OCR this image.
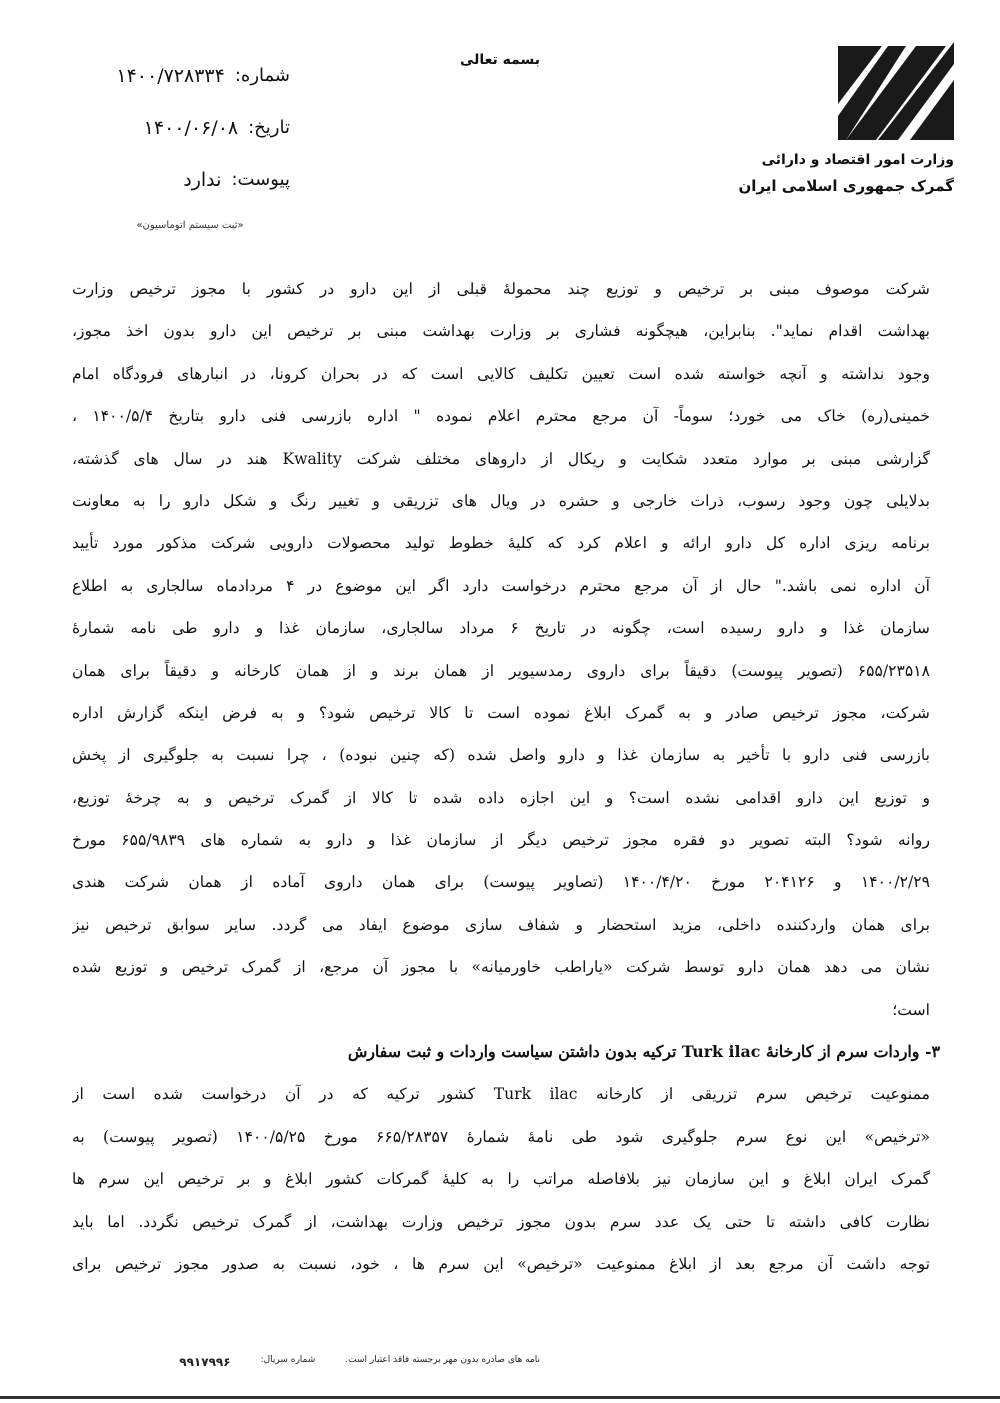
وزارت امور اقتصاد و دارائی
گمرک جمهوری اسلامی ایران
بسمه تعالی
شماره:
۱۴۰۰/۷۲۸۳۳۴
تاریخ:
۱۴۰۰/۰۶/۰۸
پیوست:
ندارد
«ثبت سیستم اتوماسیون»
شرکت موصوف مبنی بر ترخیص و توزیع چند محمولهٔ قبلی از این دارو در کشور با مجوز ترخیص وزارت
بهداشت اقدام نماید". بنابراین، هیچگونه فشاری بر وزارت بهداشت مبنی بر ترخیص این دارو بدون اخذ مجوز،
وجود نداشته و آنچه خواسته شده است تعیین تکلیف کالایی است که در بحران کرونا، در انبارهای فرودگاه امام
خمینی(ره) خاک می خورد؛ سوماً- آن مرجع محترم اعلام نموده " اداره بازرسی فنی دارو بتاریخ ۱۴۰۰/۵/۴ ،
گزارشی مبنی بر موارد متعدد شکایت و ریکال از داروهای مختلف شرکت Kwality هند در سال های گذشته،
بدلایلی چون وجود رسوب، ذرات خارجی و حشره در ویال های تزریقی و تغییر رنگ و شکل دارو را به معاونت
برنامه ریزی اداره کل دارو ارائه و اعلام کرد که کلیهٔ خطوط تولید محصولات دارویی شرکت مذکور مورد تأیید
آن اداره نمی باشد." حال از آن مرجع محترم درخواست دارد اگر این موضوع در ۴ مردادماه سالجاری به اطلاع
سازمان غذا و دارو رسیده است، چگونه در تاریخ ۶ مرداد سالجاری، سازمان غذا و دارو طی نامه شمارهٔ
۶۵۵/۲۳۵۱۸ (تصویر پیوست) دقیقاً برای داروی رمدسیویر از همان برند و از همان کارخانه و دقیقاً برای همان
شرکت، مجوز ترخیص صادر و به گمرک ابلاغ نموده است تا کالا ترخیص شود؟ و به فرض اینکه گزارش اداره
بازرسی فنی دارو با تأخیر به سازمان غذا و دارو واصل شده (که چنین نبوده) ، چرا نسبت به جلوگیری از پخش
و توزیع این دارو اقدامی نشده است؟ و این اجازه داده شده تا کالا از گمرک ترخیص و به چرخهٔ توزیع،
روانه شود؟ البته تصویر دو فقره مجوز ترخیص دیگر از سازمان غذا و دارو به شماره های ۶۵۵/۹۸۳۹ مورخ
۱۴۰۰/۲/۲۹ و ۲۰۴۱۲۶ مورخ ۱۴۰۰/۴/۲۰ (تصاویر پیوست) برای همان داروی آماده از همان شرکت هندی
برای همان واردکننده داخلی، مزید استحضار و شفاف سازی موضوع ایفاد می گردد. سایر سوابق ترخیص نیز
نشان می دهد همان دارو توسط شرکت «یاراطب خاورمیانه» با مجوز آن مرجع، از گمرک ترخیص و توزیع شده
است؛
۳- واردات سرم از کارخانهٔ Turk ilac ترکیه بدون داشتن سیاست واردات و ثبت سفارش
ممنوعیت ترخیص سرم تزریقی از کارخانه Turk ilac کشور ترکیه که در آن درخواست شده است از
«ترخیص» این نوع سرم جلوگیری شود طی نامهٔ شمارهٔ ۶۶۵/۲۸۳۵۷ مورخ ۱۴۰۰/۵/۲۵ (تصویر پیوست) به
گمرک ایران ابلاغ و این سازمان نیز بلافاصله مراتب را به کلیهٔ گمرکات کشور ابلاغ و بر ترخیص این سرم ها
نظارت کافی داشته تا حتی یک عدد سرم بدون مجوز ترخیص وزارت بهداشت، از گمرک ترخیص نگردد. اما باید
توجه داشت آن مرجع بعد از ابلاغ ممنوعیت «ترخیص» این سرم ها ، خود، نسبت به صدور مجوز ترخیص برای
نامه های صادره بدون مهر برجسته فاقد اعتبار است.
شماره سریال:
۹۹۱۷۹۹۶
